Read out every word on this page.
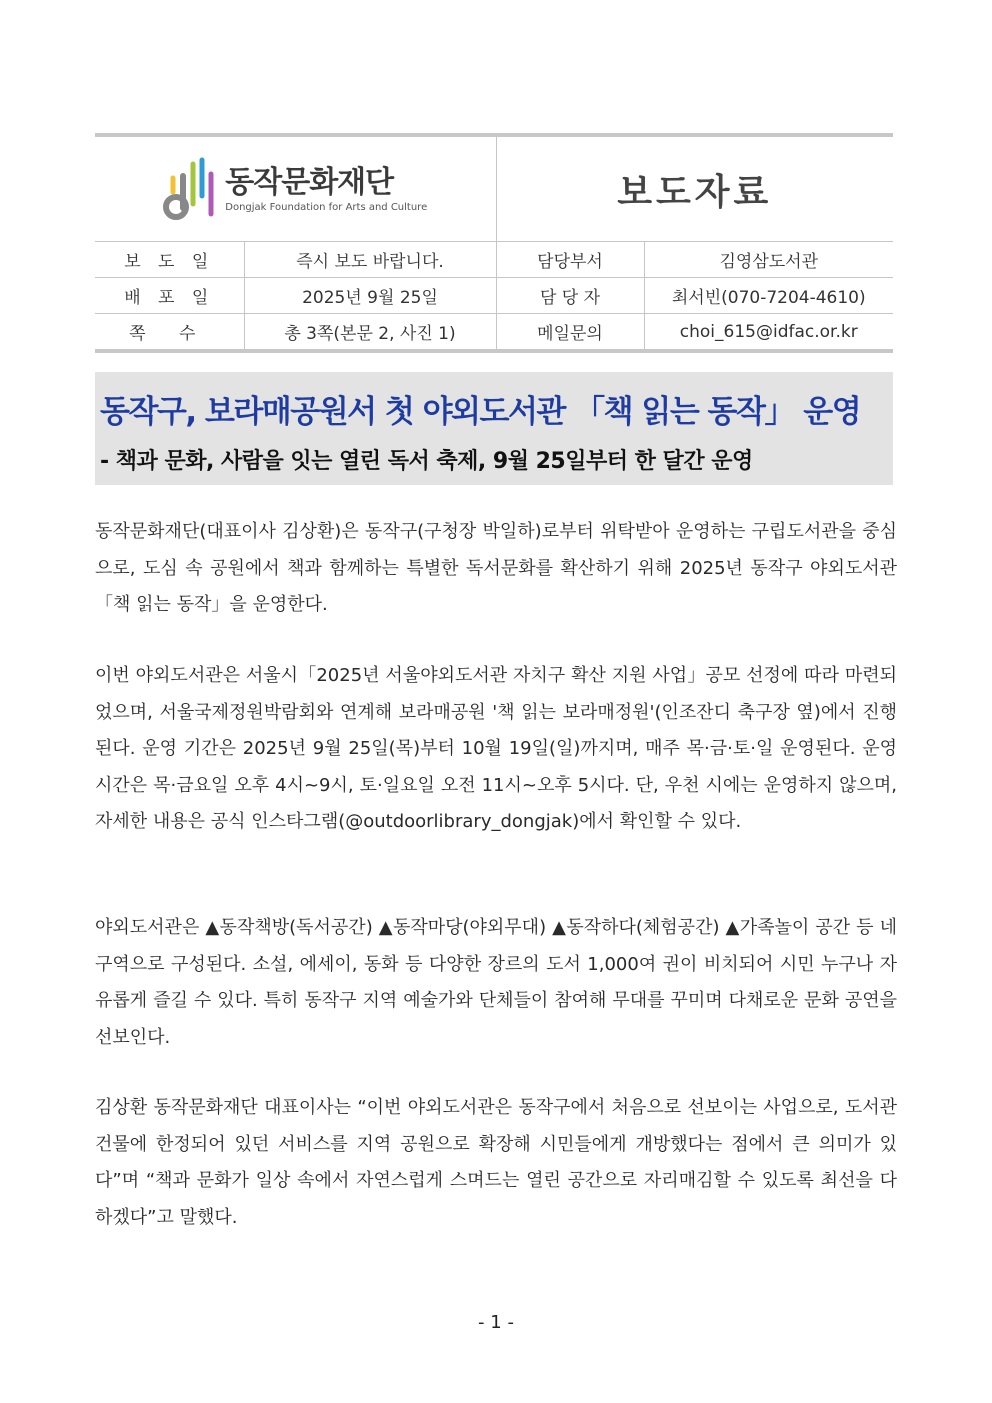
동작문화재단
Dongjak Foundation for Arts and Culture		보도자료	
보 도 일	즉시 보도 바랍니다.	담당부서	김영삼도서관
배 포 일	2025년 9월 25일	담 당 자	최서빈(070-7204-4610)
쪽 수	총 3쪽(본문 2, 사진 1)	메일문의	choi_615@idfac.or.kr
동작구, 보라매공원서 첫 야외도서관 「책 읽는 동작」 운영
- 책과 문화, 사람을 잇는 열린 독서 축제, 9월 25일부터 한 달간 운영

동작문화재단(대표이사 김상환)은 동작구(구청장 박일하)로부터 위탁받아 운영하는 구립도서관을 중심으로, 도심 속 공원에서 책과 함께하는 특별한 독서문화를 확산하기 위해 2025년 동작구 야외도서관「책 읽는 동작」을 운영한다.

이번 야외도서관은 서울시「2025년 서울야외도서관 자치구 확산 지원 사업」공모 선정에 따라 마련되었으며, 서울국제정원박람회와 연계해 보라매공원 '책 읽는 보라매정원'(인조잔디 축구장 옆)에서 진행된다. 운영 기간은 2025년 9월 25일(목)부터 10월 19일(일)까지며, 매주 목·금·토·일 운영된다. 운영 시간은 목·금요일 오후 4시~9시, 토·일요일 오전 11시~오후 5시다. 단, 우천 시에는 운영하지 않으며, 자세한 내용은 공식 인스타그램(@outdoorlibrary_dongjak)에서 확인할 수 있다.

야외도서관은 ▲동작책방(독서공간) ▲동작마당(야외무대) ▲동작하다(체험공간) ▲가족놀이 공간 등 네 구역으로 구성된다. 소설, 에세이, 동화 등 다양한 장르의 도서 1,000여 권이 비치되어 시민 누구나 자유롭게 즐길 수 있다. 특히 동작구 지역 예술가와 단체들이 참여해 무대를 꾸미며 다채로운 문화 공연을 선보인다.

김상환 동작문화재단 대표이사는 “이번 야외도서관은 동작구에서 처음으로 선보이는 사업으로, 도서관 건물에 한정되어 있던 서비스를 지역 공원으로 확장해 시민들에게 개방했다는 점에서 큰 의미가 있다”며 “책과 문화가 일상 속에서 자연스럽게 스며드는 열린 공간으로 자리매김할 수 있도록 최선을 다하겠다”고 말했다.

- 1 -
